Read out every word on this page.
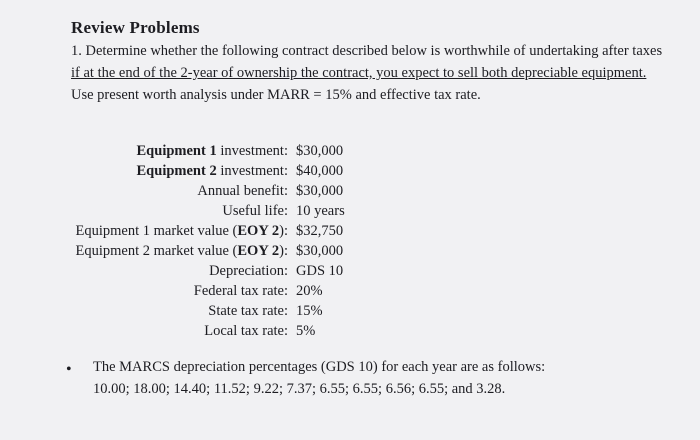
Review Problems
1. Determine whether the following contract described below is worthwhile of undertaking after taxes
if at the end of the 2-year of ownership the contract, you expect to sell both depreciable equipment.
Use present worth analysis under MARR = 15% and effective tax rate.
Equipment 1 investment: $30,000
Equipment 2 investment: $40,000
Annual benefit: $30,000
Useful life: 10 years
Equipment 1 market value (EOY 2): $32,750
Equipment 2 market value (EOY 2): $30,000
Depreciation: GDS 10
Federal tax rate: 20%
State tax rate: 15%
Local tax rate: 5%
• The MARCS depreciation percentages (GDS 10) for each year are as follows:
10.00; 18.00; 14.40; 11.52; 9.22; 7.37; 6.55; 6.55; 6.56; 6.55; and 3.28.
